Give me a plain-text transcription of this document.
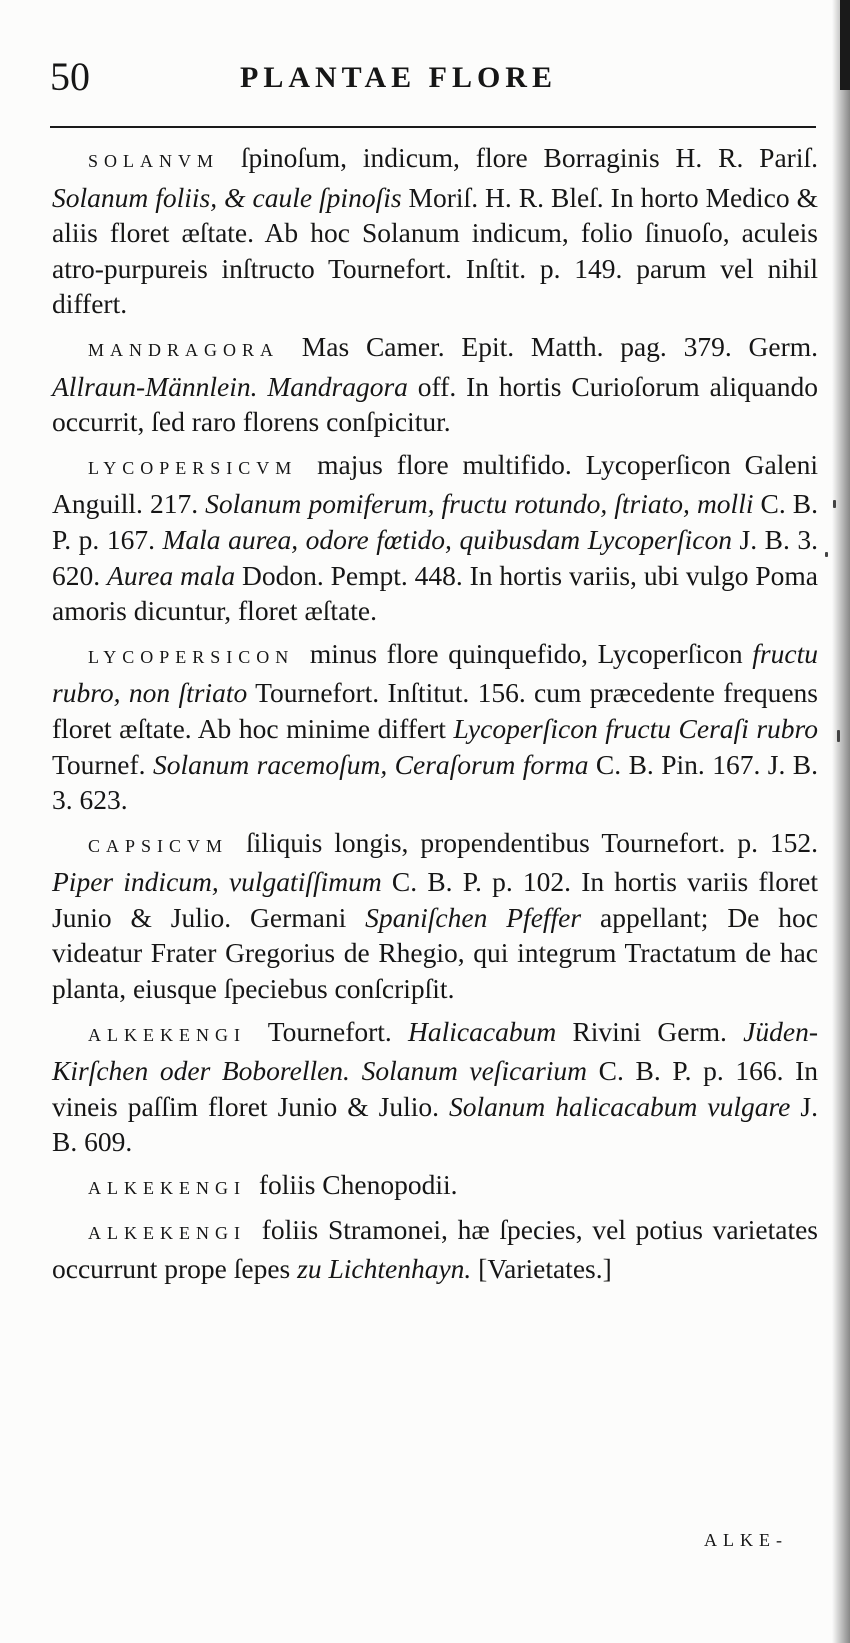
50	PLANTAE FLORE

SOLANVM ſpinoſum, indicum, flore Borraginis H. R. Pariſ. Solanum foliis, & caule ſpinoſis Moriſ. H. R. Bleſ. In horto Medico & aliis floret æſtate. Ab hoc Solanum indicum, folio ſinuoſo, aculeis atro-purpureis inſtructo Tournefort. Inſtit. p. 149. parum vel nihil differt.

MANDRAGORA Mas Camer. Epit. Matth. pag. 379. Germ. Allraun-Männlein. Mandragora off. In hortis Curioſorum aliquando occurrit, ſed raro florens conſpicitur.

LYCOPERSICVM majus flore multifido. Lycoperſicon Galeni Anguill. 217. Solanum pomiferum, fructu rotundo, ſtriato, molli C. B. P. p. 167. Mala aurea, odore fœtido, quibusdam Lycoperſicon J. B. 3. 620. Aurea mala Dodon. Pempt. 448. In hortis variis, ubi vulgo Poma amoris dicuntur, floret æſtate.

LYCOPERSICON minus flore quinquefido, Lycoperſicon fructu rubro, non ſtriato Tournefort. Inſtitut. 156. cum præcedente frequens floret æſtate. Ab hoc minime differt Lycoperſicon fructu Ceraſi rubro Tournef. Solanum racemoſum, Ceraſorum forma C. B. Pin. 167. J. B. 3. 623.

CAPSICVM ſiliquis longis, propendentibus Tournefort. p. 152. Piper indicum, vulgatiſſimum C. B. P. p. 102. In hortis variis floret Junio & Julio. Germani Spaniſchen Pfeffer appellant; De hoc videatur Frater Gregorius de Rhegio, qui integrum Tractatum de hac planta, eiusque ſpeciebus conſcripſit.

ALKEKENGI Tournefort. Halicacabum Rivini Germ. Jüden-Kirſchen oder Boborellen. Solanum veſicarium C. B. P. p. 166. In vineis paſſim floret Junio & Julio. Solanum halicacabum vulgare J. B. 609.

ALKEKENGI foliis Chenopodii.

ALKEKENGI foliis Stramonei, hæ ſpecies, vel potius varietates occurrunt prope ſepes zu Lichtenhayn. [Varietates.]

ALKE-
